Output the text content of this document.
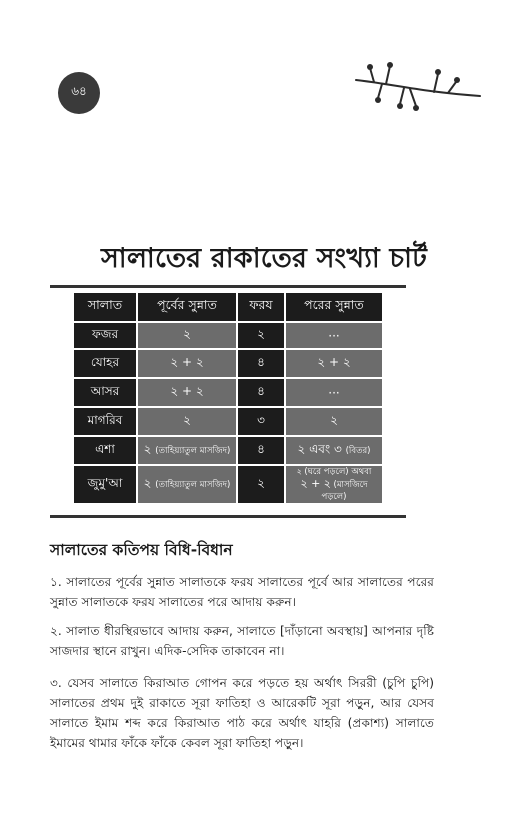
৬৪
সালাতের রাকাতের সংখ্যা চার্ট
সালাত	পূর্বের সুন্নাত	ফরয	পরের সুন্নাত
ফজর	২	২	···
যোহর	২ + ২	৪	২ + ২
আসর	২ + ২	৪	···
মাগরিব	২	৩	২
এশা	২ (তাহিয়্যাতুল মাসজিদ)	৪	২ এবং ৩ (বিতর)
জুমু'আ	২ (তাহিয়্যাতুল মাসজিদ)	২	২ (ঘরে পড়লে) অথবা
২ + ২ (মাসজিদে পড়লে)
সালাতের কতিপয় বিধি-বিধান

১. সালাতের পূর্বের সুন্নাত সালাতকে ফরয সালাতের পূর্বে আর সালাতের পরের সুন্নাত সালাতকে ফরয সালাতের পরে আদায় করুন।

২. সালাত ধীরস্থিরভাবে আদায় করুন, সালাতে [দাঁড়ানো অবস্থায়] আপনার দৃষ্টি সাজদার স্থানে রাখুন। এদিক-সেদিক তাকাবেন না।

৩. যেসব সালাতে কিরাআত গোপন করে পড়তে হয় অর্থাৎ সিররী (চুপি চুপি) সালাতের প্রথম দুই রাকাতে সূরা ফাতিহা ও আরেকটি সূরা পড়ুন, আর যেসব সালাতে ইমাম শব্দ করে কিরাআত পাঠ করে অর্থাৎ যাহরি (প্রকাশ্য) সালাতে ইমামের থামার ফাঁকে ফাঁকে কেবল সূরা ফাতিহা পড়ুন।
